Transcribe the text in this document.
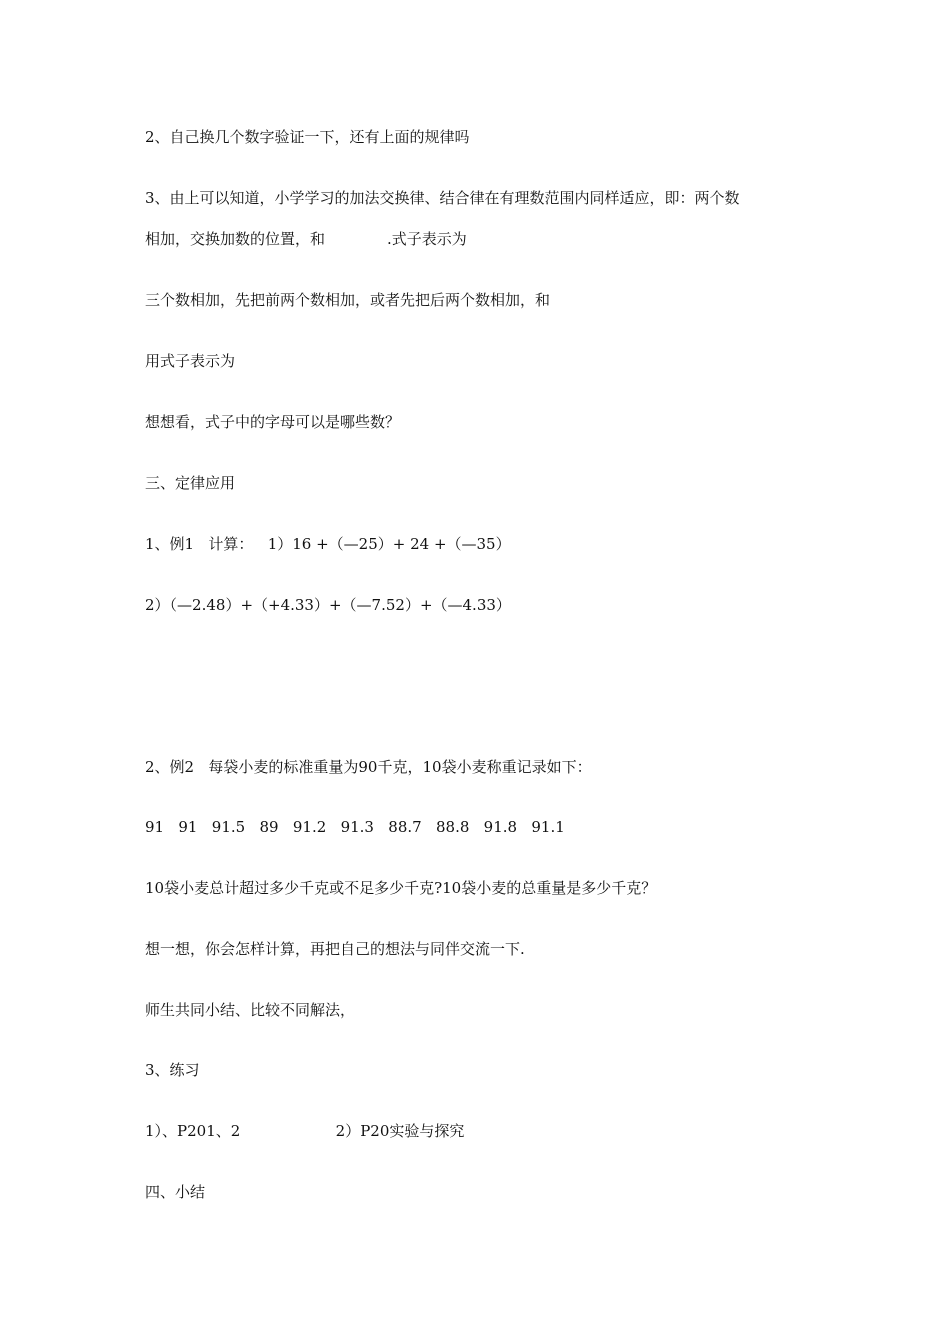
2、自己换几个数字验证一下，还有上面的规律吗

3、由上可以知道，小学学习的加法交换律、结合律在有理数范围内同样适应，即：两个数

相加，交换加数的位置，和             .式子表示为

三个数相加，先把前两个数相加，或者先把后两个数相加，和

用式子表示为

想想看，式子中的字母可以是哪些数？

三、定律应用

1、例1   计算：   1）16 +（—25）+ 24 +（—35）

2）（—2.48）+（+4.33）+（—7.52）+（—4.33）

2、例2   每袋小麦的标准重量为90千克，10袋小麦称重记录如下：

91   91   91.5   89   91.2   91.3   88.7   88.8   91.8   91.1

10袋小麦总计超过多少千克或不足多少千克?10袋小麦的总重量是多少千克？

想一想，你会怎样计算，再把自己的想法与同伴交流一下.

师生共同小结、比较不同解法，

3、练习

1）、P201、2                    2）P20实验与探究

四、小结
